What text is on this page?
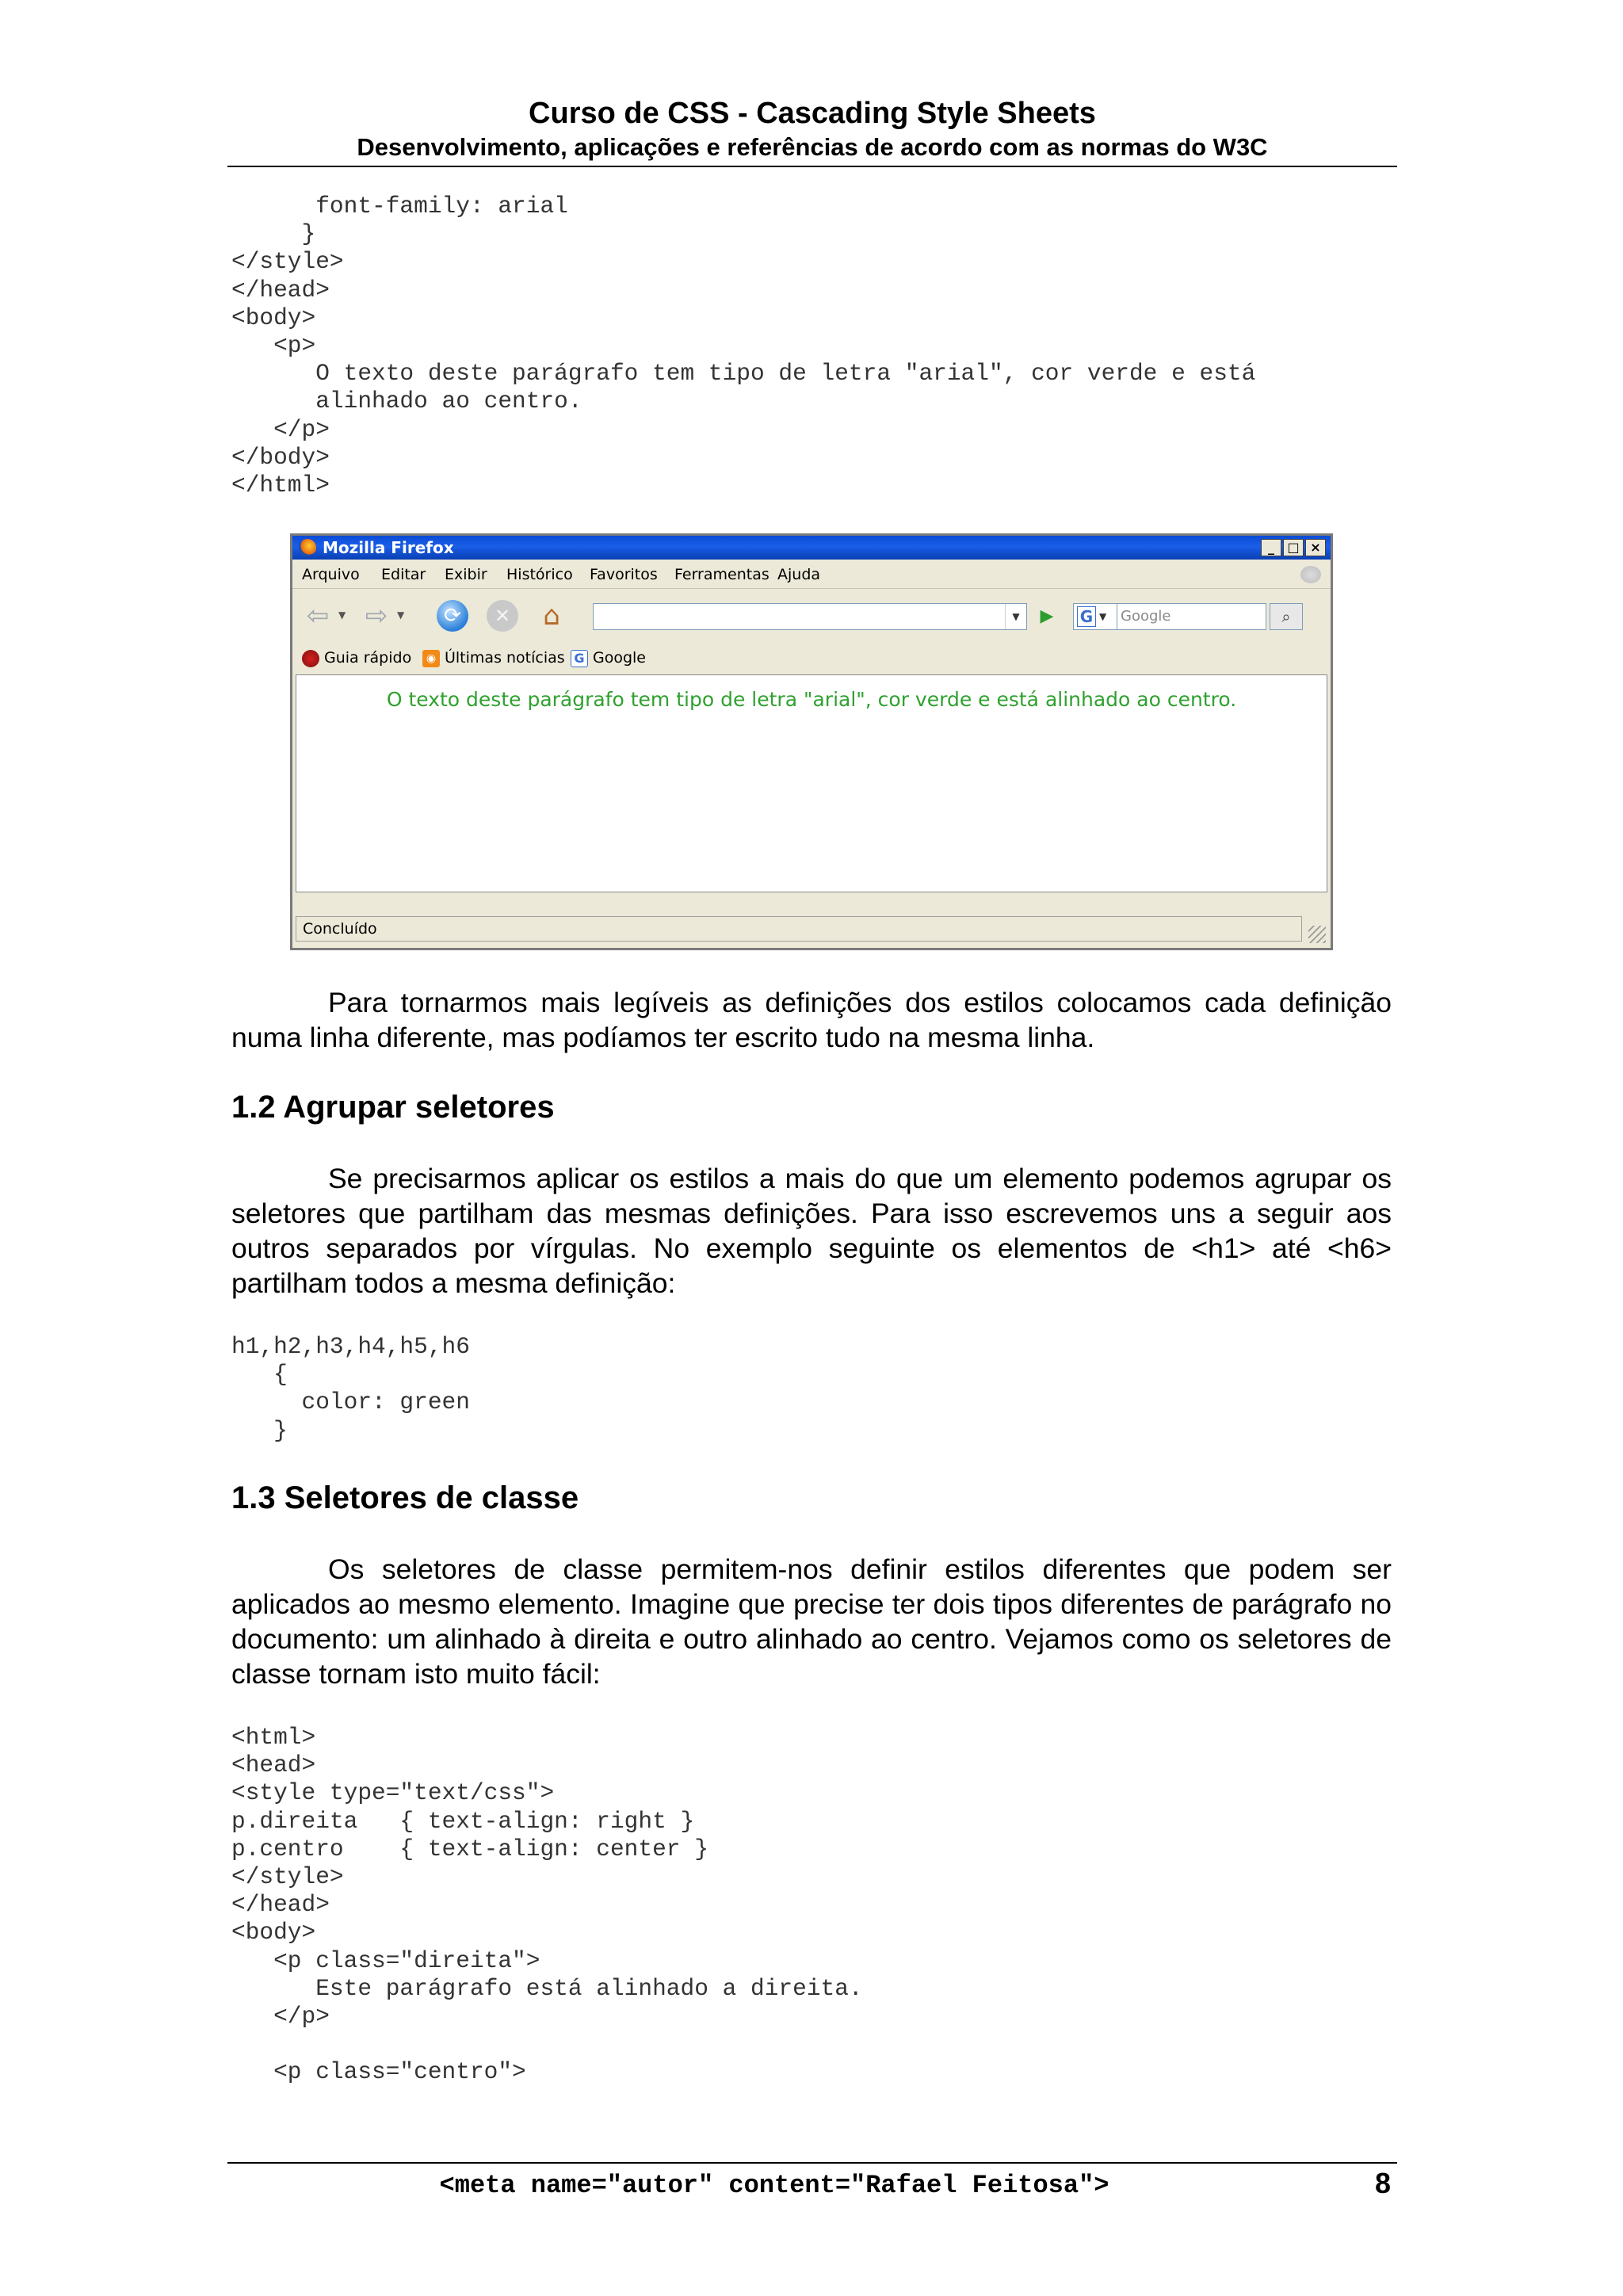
Curso de CSS - Cascading Style Sheets
Desenvolvimento, aplicações e referências de acordo com as normas do W3C
font-family: arial
}
</style>
</head>
<body>
<p>
O texto deste parágrafo tem tipo de letra "arial", cor verde e está
alinhado ao centro.
</p>
</body>
</html>
Mozilla Firefox	_	□ ×
Arquivo Editar Exibir Histórico Favoritos Ferramentas Ajuda
⇦ ▼ ⇨ ▼	⟳	✕ ⌂	▼	▶	G ▼ Google	⌕
Guia rápido	◉ Últimas notícias G Google
O texto deste parágrafo tem tipo de letra "arial", cor verde e está alinhado ao centro.
Concluído

Para tornarmos mais legíveis as definições dos estilos colocamos cada definição numa linha diferente, mas podíamos ter escrito tudo na mesma linha.

1.2 Agrupar seletores

Se precisarmos aplicar os estilos a mais do que um elemento podemos agrupar os seletores que partilham das mesmas definições. Para isso escrevemos uns a seguir aos outros separados por vírgulas. No exemplo seguinte os elementos de <h1> até <h6> partilham todos a mesma definição:

h1,h2,h3,h4,h5,h6
{
color: green
}
1.3 Seletores de classe

Os seletores de classe permitem-nos definir estilos diferentes que podem ser aplicados ao mesmo elemento. Imagine que precise ter dois tipos diferentes de parágrafo no documento: um alinhado à direita e outro alinhado ao centro. Vejamos como os seletores de classe tornam isto muito fácil:

<html>
<head>
<style type="text/css">
p.direita   { text-align: right }
p.centro    { text-align: center }
</style>
</head>
<body>
<p class="direita">
Este parágrafo está alinhado a direita.
</p>

<p class="centro">
<meta name="autor" content="Rafael Feitosa">	8
